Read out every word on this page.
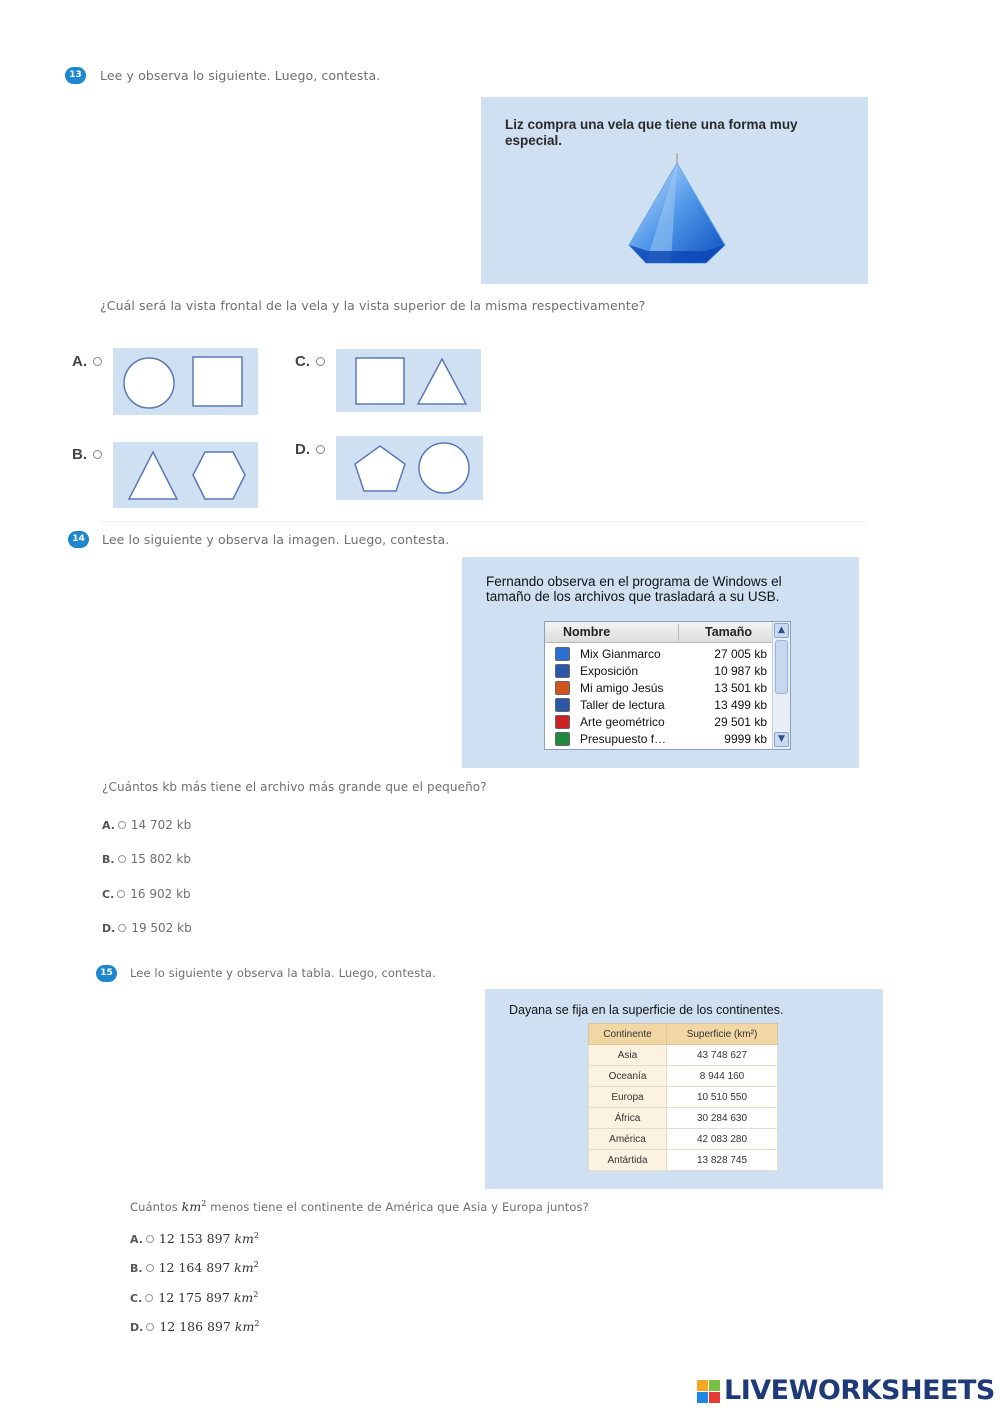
13	Lee y observa lo siguiente. Luego, contesta.
Liz compra una vela que tiene una forma muy especial.
¿Cuál será la vista frontal de la vela y la vista superior de la misma respectivamente?
A.
B.
C.
D.
14	Lee lo siguiente y observa la imagen. Luego, contesta.
Fernando observa en el programa de Windows el
tamaño de los archivos que trasladará a su USB.
Nombre	Tamaño	▲
▼
Mix Gianmarco	27 005 kb
Exposición	10 987 kb
Mi amigo Jesús	13 501 kb
Taller de lectura	13 499 kb
Arte geométrico	29 501 kb
Presupuesto f…	9999 kb
¿Cuántos kb más tiene el archivo más grande que el pequeño?
A. 14 702 kb
B. 15 802 kb
C. 16 902 kb
D. 19 502 kb
15	Lee lo siguiente y observa la tabla. Luego, contesta.
Dayana se fija en la superficie de los continentes.
Continente	Superficie (km²)
Asia	43 748 627
Oceanía	8 944 160
Europa	10 510 550
África	30 284 630
América	42 083 280
Antártida	13 828 745
Cuántos $km^2$ menos tiene el continente de América que Asia y Europa juntos?
A. 12 153 897 $km^2$
B. 12 164 897 $km^2$
C. 12 175 897 $km^2$
D. 12 186 897 $km^2$
LIVEWORKSHEETS
